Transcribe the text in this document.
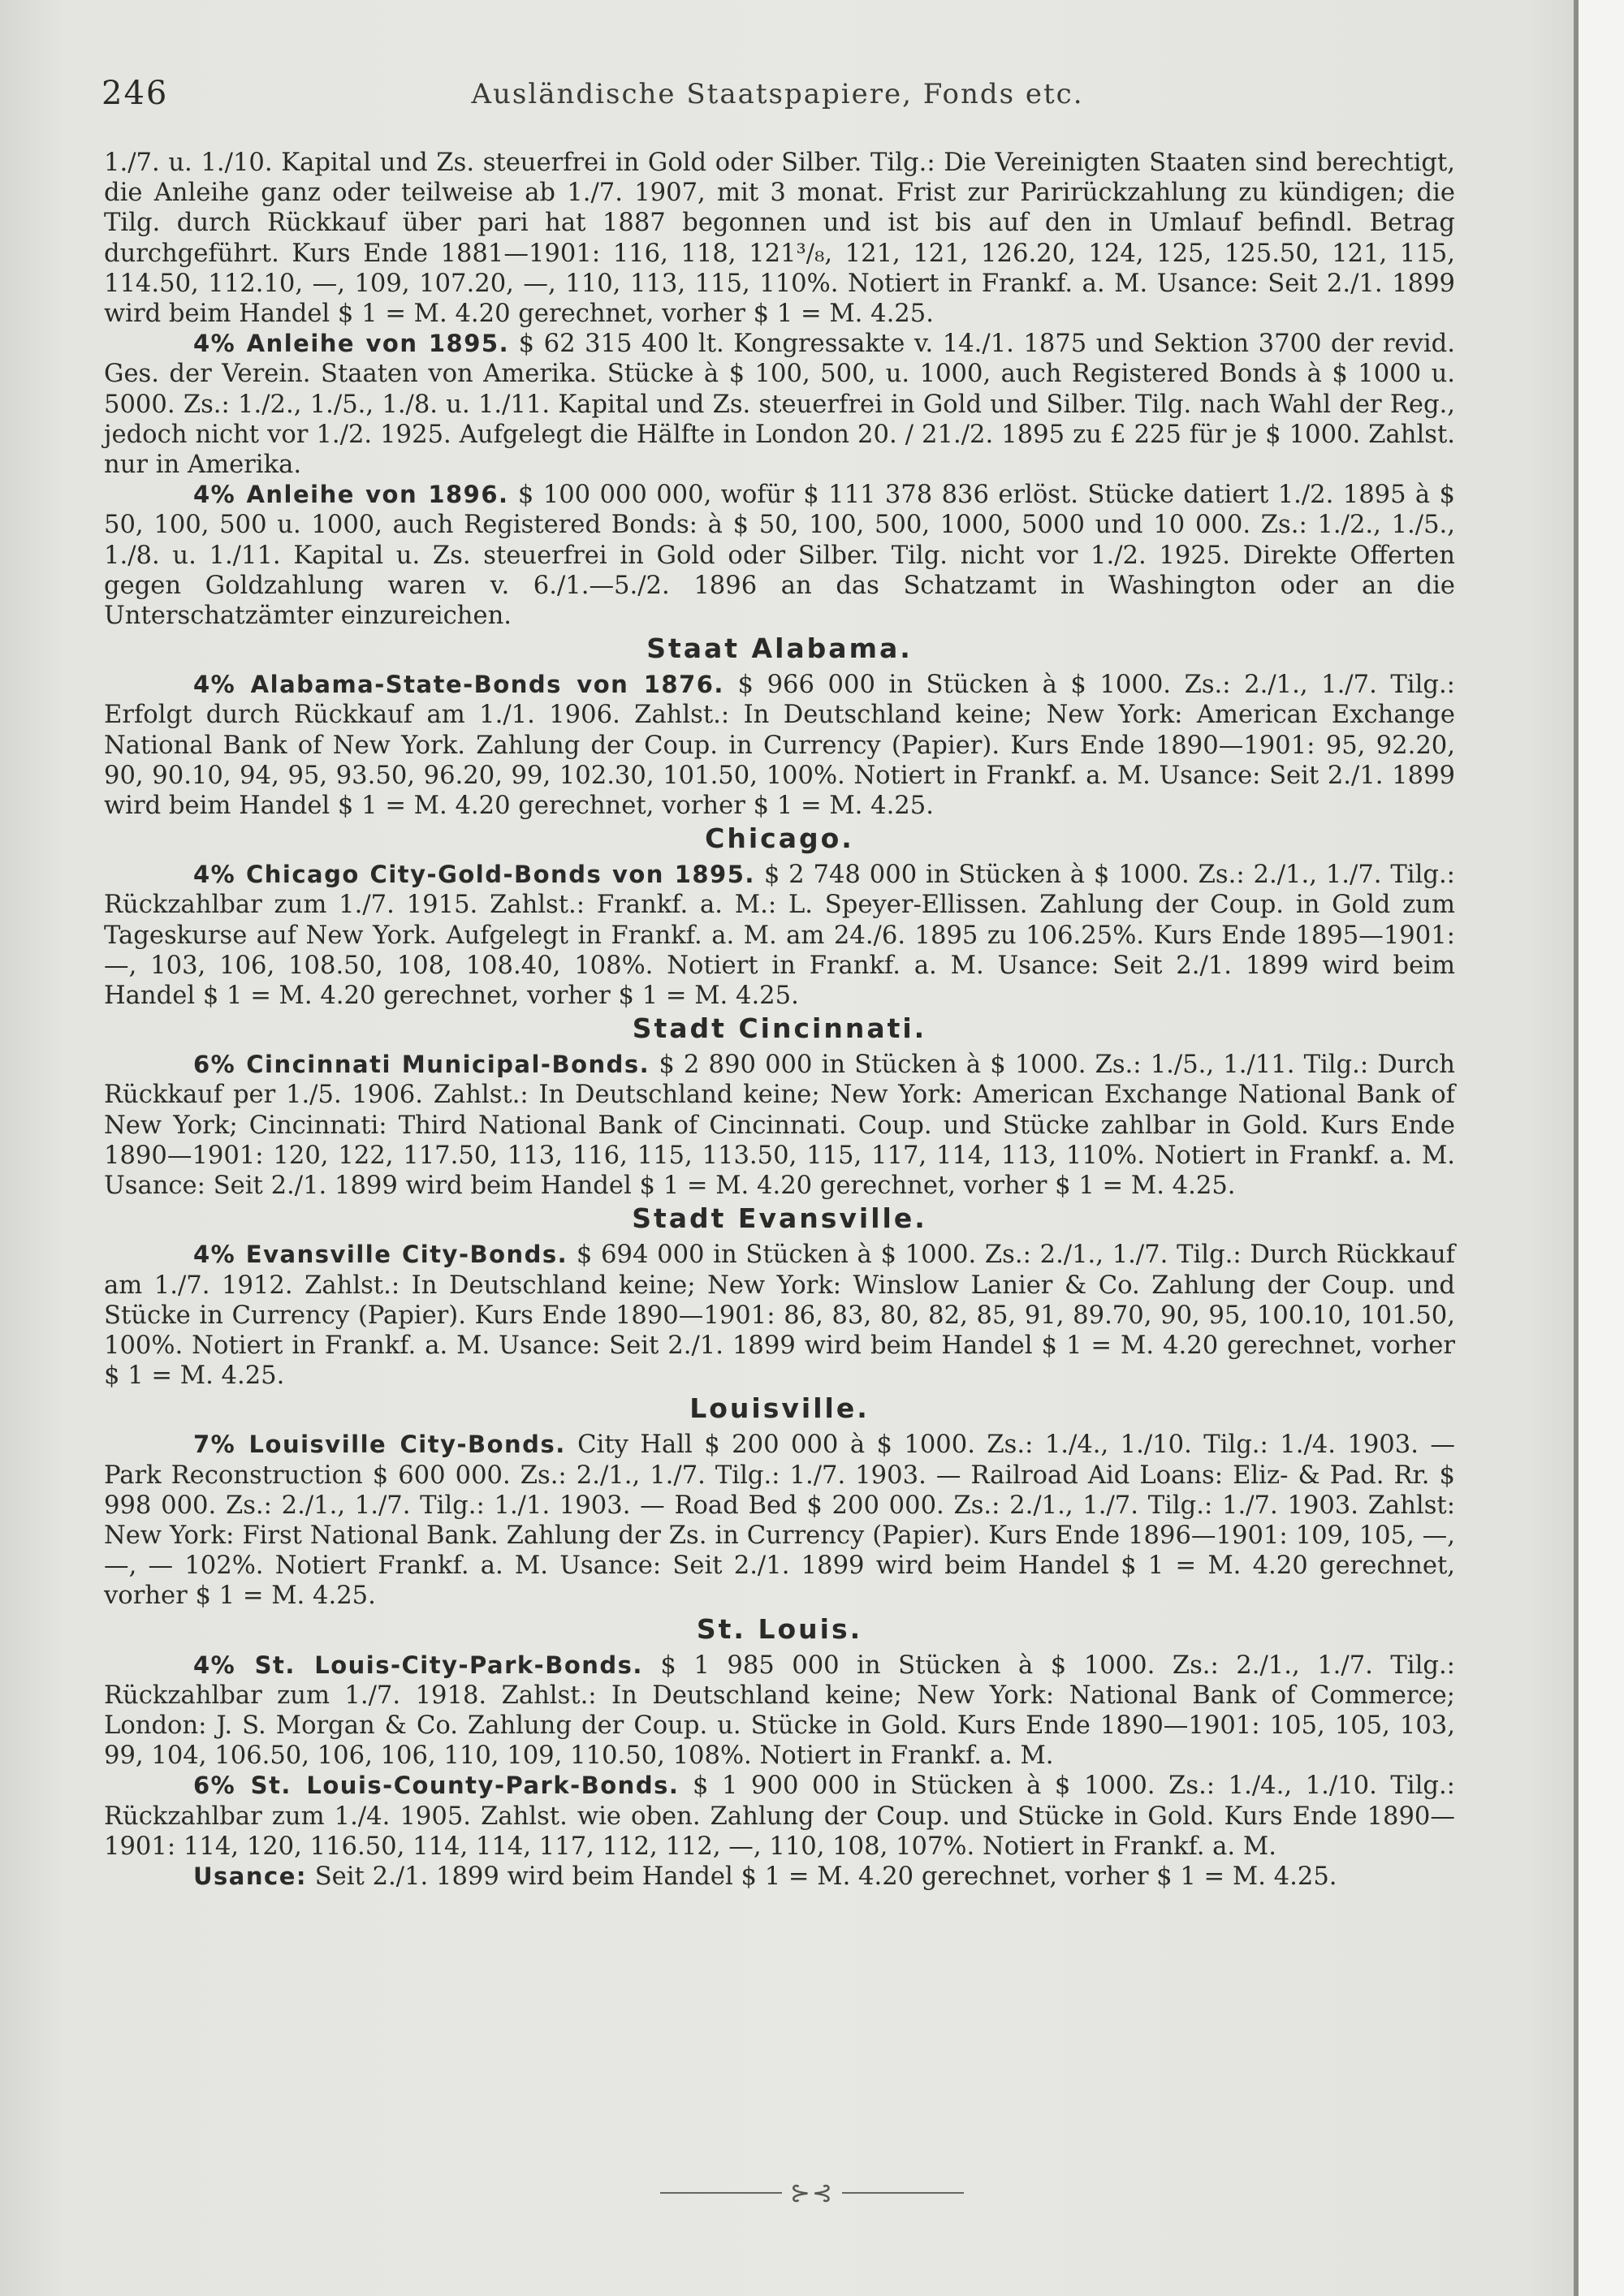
246	Ausländische Staatspapiere, Fonds etc.

1./7. u. 1./10. Kapital und Zs. steuerfrei in Gold oder Silber. Tilg.: Die Vereinigten Staaten sind berechtigt, die Anleihe ganz oder teilweise ab 1./7. 1907, mit 3 monat. Frist zur Parirückzahlung zu kündigen; die Tilg. durch Rückkauf über pari hat 1887 begonnen und ist bis auf den in Umlauf befindl. Betrag durchgeführt. Kurs Ende 1881—1901: 116, 118, 121³/₈, 121, 121, 126.20, 124, 125, 125.50, 121, 115, 114.50, 112.10, —, 109, 107.20, —, 110, 113, 115, 110%. Notiert in Frankf. a. M. Usance: Seit 2./1. 1899 wird beim Handel $ 1 = M. 4.20 gerechnet, vorher $ 1 = M. 4.25.

4% Anleihe von 1895. $ 62 315 400 lt. Kongressakte v. 14./1. 1875 und Sektion 3700 der revid. Ges. der Verein. Staaten von Amerika. Stücke à $ 100, 500, u. 1000, auch Registered Bonds à $ 1000 u. 5000. Zs.: 1./2., 1./5., 1./8. u. 1./11. Kapital und Zs. steuerfrei in Gold und Silber. Tilg. nach Wahl der Reg., jedoch nicht vor 1./2. 1925. Aufgelegt die Hälfte in London 20. / 21./2. 1895 zu £ 225 für je $ 1000. Zahlst. nur in Amerika.

4% Anleihe von 1896. $ 100 000 000, wofür $ 111 378 836 erlöst. Stücke datiert 1./2. 1895 à $ 50, 100, 500 u. 1000, auch Registered Bonds: à $ 50, 100, 500, 1000, 5000 und 10 000. Zs.: 1./2., 1./5., 1./8. u. 1./11. Kapital u. Zs. steuerfrei in Gold oder Silber. Tilg. nicht vor 1./2. 1925. Direkte Offerten gegen Goldzahlung waren v. 6./1.—5./2. 1896 an das Schatzamt in Washington oder an die Unterschatzämter einzureichen.

Staat Alabama.

4% Alabama-State-Bonds von 1876. $ 966 000 in Stücken à $ 1000. Zs.: 2./1., 1./7. Tilg.: Erfolgt durch Rückkauf am 1./1. 1906. Zahlst.: In Deutschland keine; New York: American Exchange National Bank of New York. Zahlung der Coup. in Currency (Papier). Kurs Ende 1890—1901: 95, 92.20, 90, 90.10, 94, 95, 93.50, 96.20, 99, 102.30, 101.50, 100%. Notiert in Frankf. a. M. Usance: Seit 2./1. 1899 wird beim Handel $ 1 = M. 4.20 gerechnet, vorher $ 1 = M. 4.25.

Chicago.

4% Chicago City-Gold-Bonds von 1895. $ 2 748 000 in Stücken à $ 1000. Zs.: 2./1., 1./7. Tilg.: Rückzahlbar zum 1./7. 1915. Zahlst.: Frankf. a. M.: L. Speyer-Ellissen. Zahlung der Coup. in Gold zum Tageskurse auf New York. Aufgelegt in Frankf. a. M. am 24./6. 1895 zu 106.25%. Kurs Ende 1895—1901: —, 103, 106, 108.50, 108, 108.40, 108%. Notiert in Frankf. a. M. Usance: Seit 2./1. 1899 wird beim Handel $ 1 = M. 4.20 gerechnet, vorher $ 1 = M. 4.25.

Stadt Cincinnati.

6% Cincinnati Municipal-Bonds. $ 2 890 000 in Stücken à $ 1000. Zs.: 1./5., 1./11. Tilg.: Durch Rückkauf per 1./5. 1906. Zahlst.: In Deutschland keine; New York: American Exchange National Bank of New York; Cincinnati: Third National Bank of Cincinnati. Coup. und Stücke zahlbar in Gold. Kurs Ende 1890—1901: 120, 122, 117.50, 113, 116, 115, 113.50, 115, 117, 114, 113, 110%. Notiert in Frankf. a. M. Usance: Seit 2./1. 1899 wird beim Handel $ 1 = M. 4.20 gerechnet, vorher $ 1 = M. 4.25.

Stadt Evansville.

4% Evansville City-Bonds. $ 694 000 in Stücken à $ 1000. Zs.: 2./1., 1./7. Tilg.: Durch Rückkauf am 1./7. 1912. Zahlst.: In Deutschland keine; New York: Winslow Lanier & Co. Zahlung der Coup. und Stücke in Currency (Papier). Kurs Ende 1890—1901: 86, 83, 80, 82, 85, 91, 89.70, 90, 95, 100.10, 101.50, 100%. Notiert in Frankf. a. M. Usance: Seit 2./1. 1899 wird beim Handel $ 1 = M. 4.20 gerechnet, vorher $ 1 = M. 4.25.

Louisville.

7% Louisville City-Bonds. City Hall $ 200 000 à $ 1000. Zs.: 1./4., 1./10. Tilg.: 1./4. 1903. — Park Reconstruction $ 600 000. Zs.: 2./1., 1./7. Tilg.: 1./7. 1903. — Railroad Aid Loans: Eliz- & Pad. Rr. $ 998 000. Zs.: 2./1., 1./7. Tilg.: 1./1. 1903. — Road Bed $ 200 000. Zs.: 2./1., 1./7. Tilg.: 1./7. 1903. Zahlst: New York: First National Bank. Zahlung der Zs. in Currency (Papier). Kurs Ende 1896—1901: 109, 105, —, —, — 102%. Notiert Frankf. a. M. Usance: Seit 2./1. 1899 wird beim Handel $ 1 = M. 4.20 gerechnet, vorher $ 1 = M. 4.25.

St. Louis.

4% St. Louis-City-Park-Bonds. $ 1 985 000 in Stücken à $ 1000. Zs.: 2./1., 1./7. Tilg.: Rückzahlbar zum 1./7. 1918. Zahlst.: In Deutschland keine; New York: National Bank of Commerce; London: J. S. Morgan & Co. Zahlung der Coup. u. Stücke in Gold. Kurs Ende 1890—1901: 105, 105, 103, 99, 104, 106.50, 106, 106, 110, 109, 110.50, 108%. Notiert in Frankf. a. M.

6% St. Louis-County-Park-Bonds. $ 1 900 000 in Stücken à $ 1000. Zs.: 1./4., 1./10. Tilg.: Rückzahlbar zum 1./4. 1905. Zahlst. wie oben. Zahlung der Coup. und Stücke in Gold. Kurs Ende 1890—1901: 114, 120, 116.50, 114, 114, 117, 112, 112, —, 110, 108, 107%. Notiert in Frankf. a. M.

Usance: Seit 2./1. 1899 wird beim Handel $ 1 = M. 4.20 gerechnet, vorher $ 1 = M. 4.25.

⊱⊰
